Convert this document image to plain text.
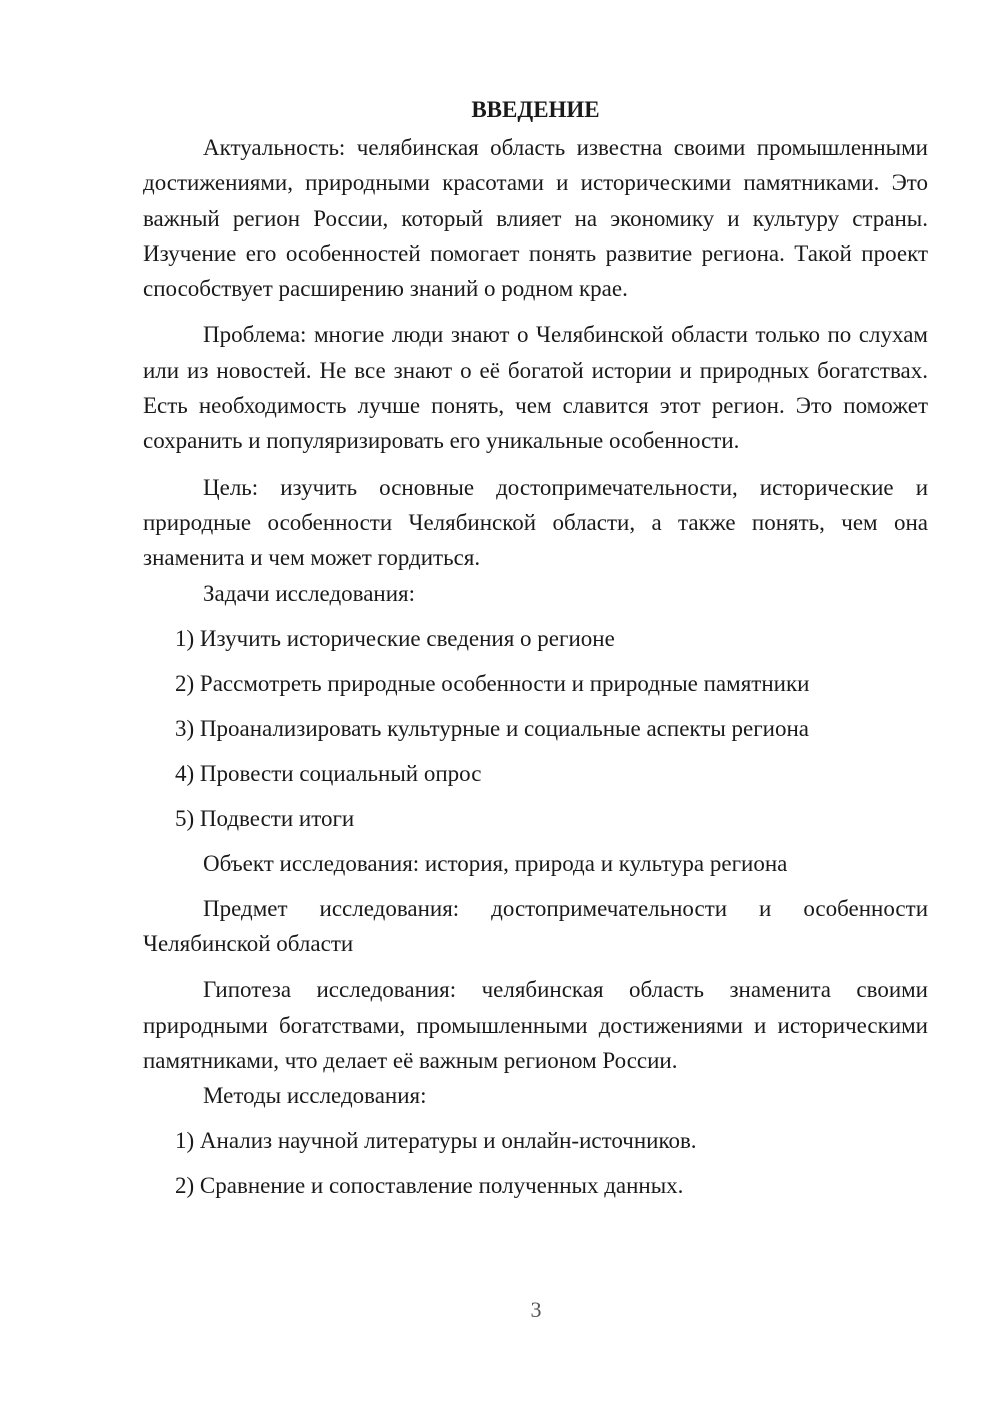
ВВЕДЕНИЕ

Актуальность: челябинская область известна своими промышленными достижениями, природными красотами и историческими памятниками. Это важный регион России, который влияет на экономику и культуру страны. Изучение его особенностей помогает понять развитие региона. Такой проект способствует расширению знаний о родном крае.

Проблема: многие люди знают о Челябинской области только по слухам или из новостей. Не все знают о её богатой истории и природных богатствах. Есть необходимость лучше понять, чем славится этот регион. Это поможет сохранить и популяризировать его уникальные особенности.

Цель: изучить основные достопримечательности, исторические и природные особенности Челябинской области, а также понять, чем она знаменита и чем может гордиться.

Задачи исследования:

1) Изучить исторические сведения о регионе

2) Рассмотреть природные особенности и природные памятники

3) Проанализировать культурные и социальные аспекты региона

4) Провести социальный опрос

5) Подвести итоги

Объект исследования: история, природа и культура региона

Предмет исследования: достопримечательности и особенности Челябинской области

Гипотеза исследования: челябинская область знаменита своими природными богатствами, промышленными достижениями и историческими памятниками, что делает её важным регионом России.

Методы исследования:

1) Анализ научной литературы и онлайн-источников.

2) Сравнение и сопоставление полученных данных.

3
